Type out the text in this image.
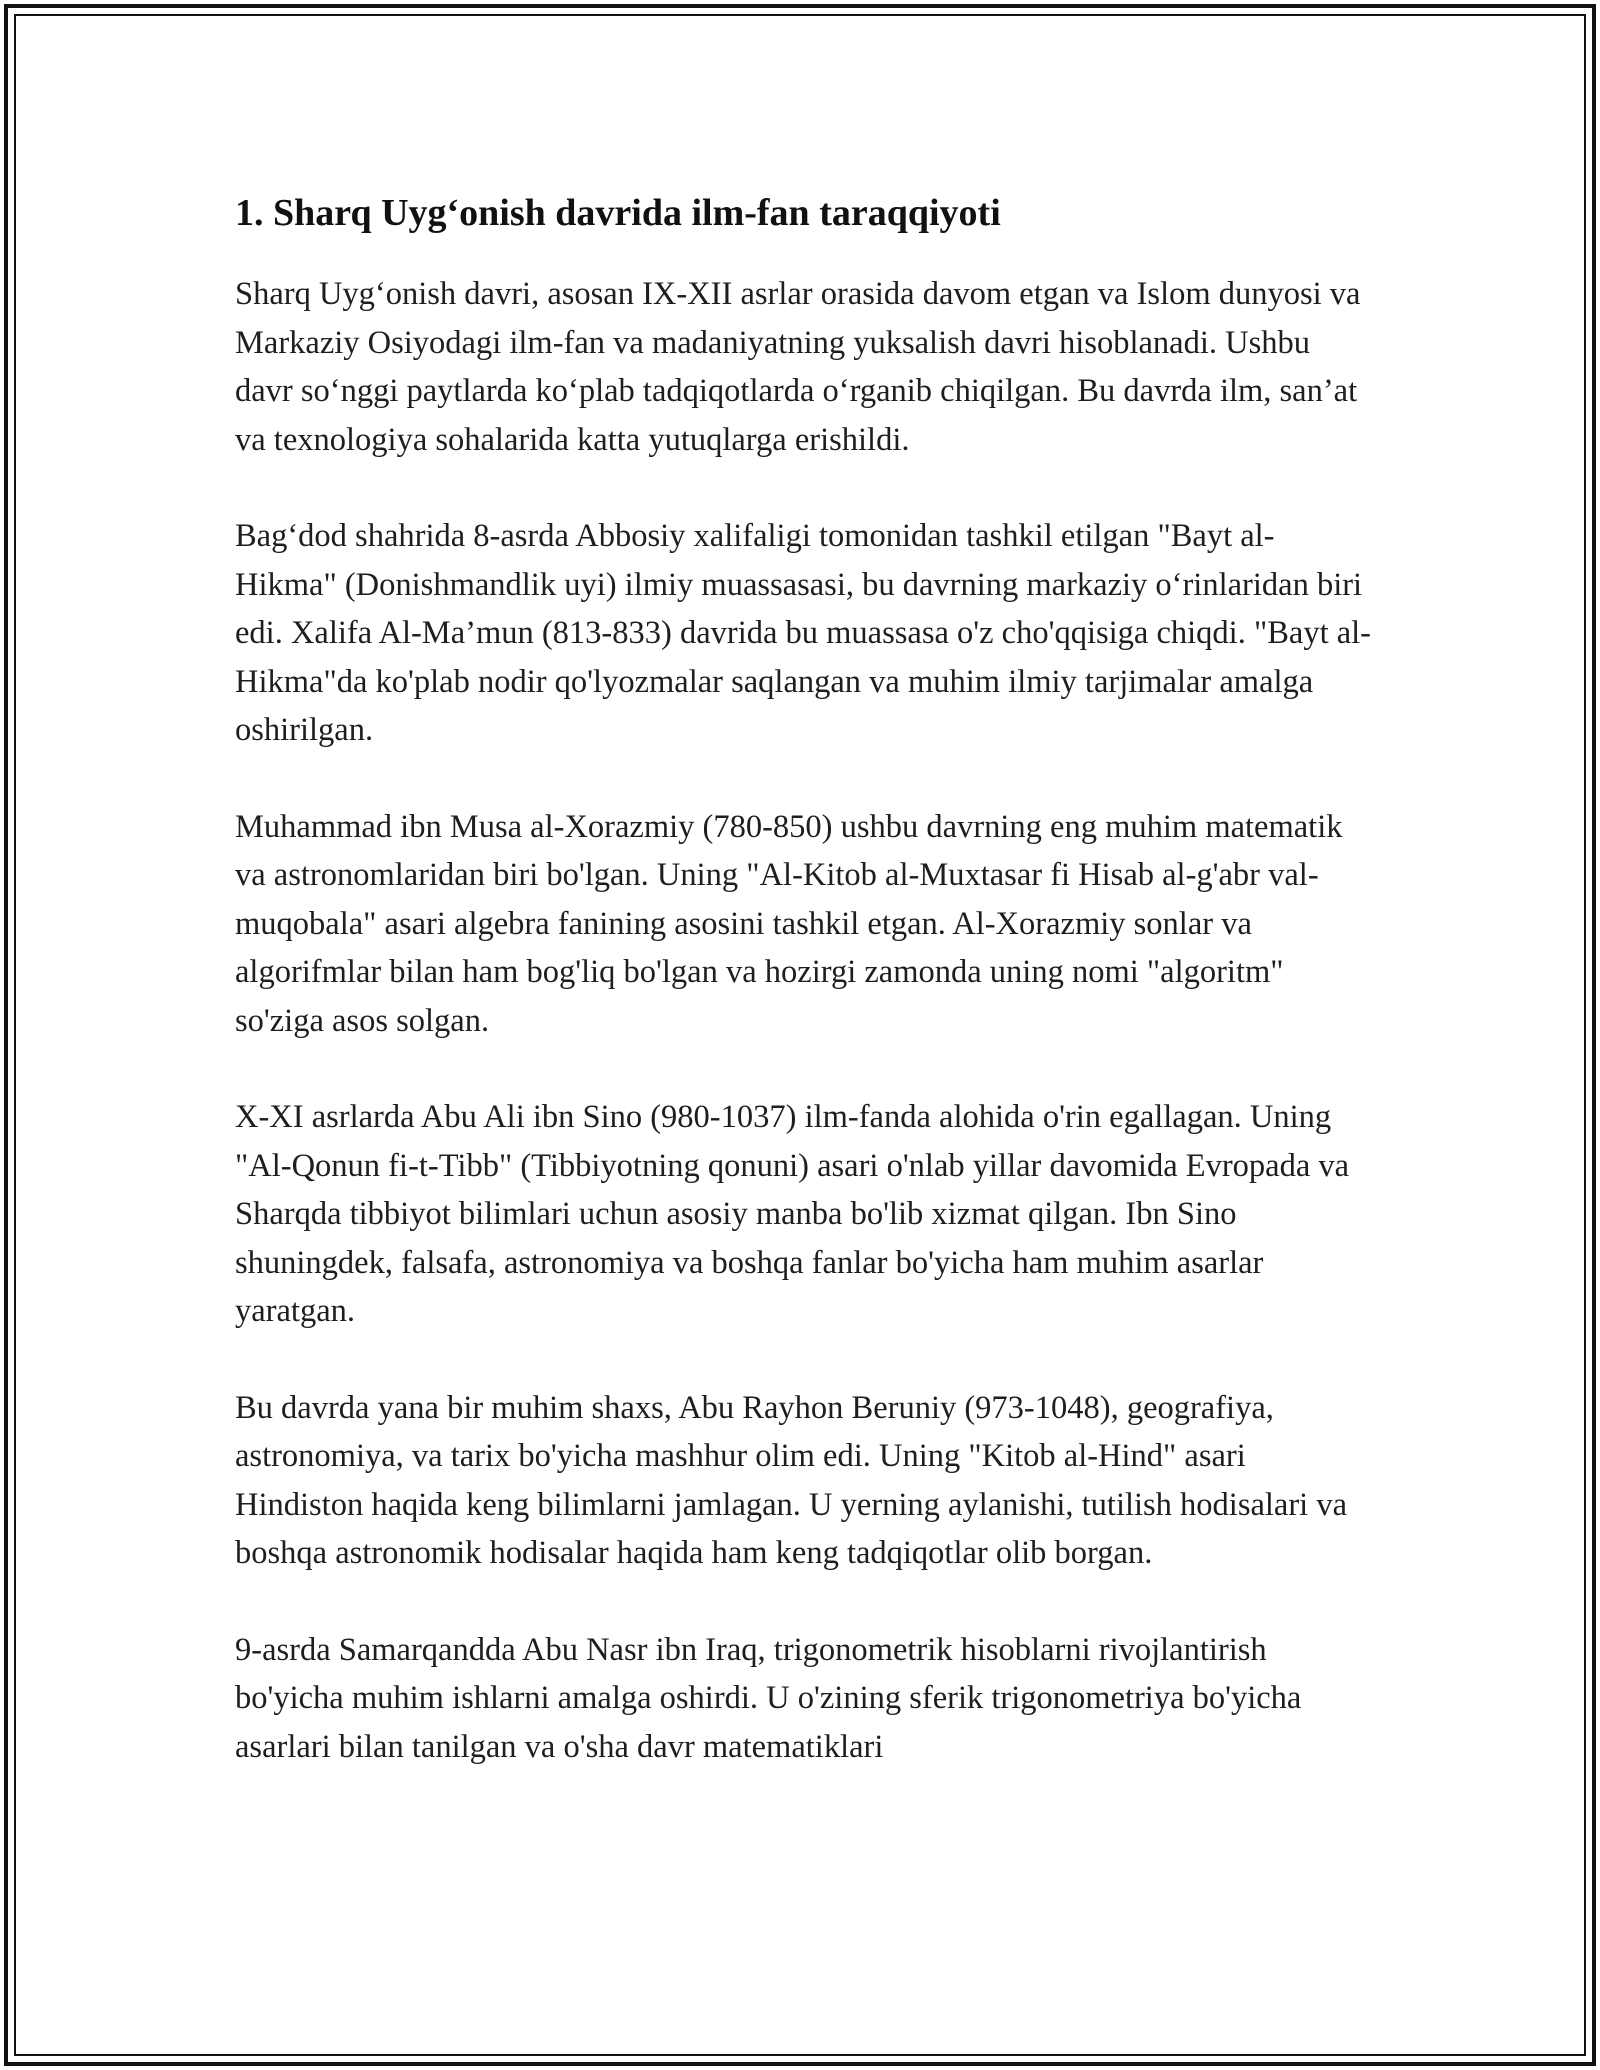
1. Sharq Uyg‘onish davrida ilm-fan taraqqiyoti

Sharq Uyg‘onish davri, asosan IX-XII asrlar orasida davom etgan va Islom dunyosi va Markaziy Osiyodagi ilm-fan va madaniyatning yuksalish davri hisoblanadi. Ushbu davr so‘nggi paytlarda ko‘plab tadqiqotlarda o‘rganib chiqilgan. Bu davrda ilm, san’at va texnologiya sohalarida katta yutuqlarga erishildi.

Bag‘dod shahrida 8-asrda Abbosiy xalifaligi tomonidan tashkil etilgan "Bayt al-Hikma" (Donishmandlik uyi) ilmiy muassasasi, bu davrning markaziy o‘rinlaridan biri edi. Xalifa Al-Ma’mun (813-833) davrida bu muassasa o'z cho'qqisiga chiqdi. "Bayt al-Hikma"da ko'plab nodir qo'lyozmalar saqlangan va muhim ilmiy tarjimalar amalga oshirilgan.

Muhammad ibn Musa al-Xorazmiy (780-850) ushbu davrning eng muhim matematik va astronomlaridan biri bo'lgan. Uning "Al-Kitob al-Muxtasar fi Hisab al-g'abr val-muqobala" asari algebra fanining asosini tashkil etgan. Al-Xorazmiy sonlar va algorifmlar bilan ham bog'liq bo'lgan va hozirgi zamonda uning nomi "algoritm" so'ziga asos solgan.

X-XI asrlarda Abu Ali ibn Sino (980-1037) ilm-fanda alohida o'rin egallagan. Uning "Al-Qonun fi-t-Tibb" (Tibbiyotning qonuni) asari o'nlab yillar davomida Evropada va Sharqda tibbiyot bilimlari uchun asosiy manba bo'lib xizmat qilgan. Ibn Sino shuningdek, falsafa, astronomiya va boshqa fanlar bo'yicha ham muhim asarlar yaratgan.

Bu davrda yana bir muhim shaxs, Abu Rayhon Beruniy (973-1048), geografiya, astronomiya, va tarix bo'yicha mashhur olim edi. Uning "Kitob al-Hind" asari Hindiston haqida keng bilimlarni jamlagan. U yerning aylanishi, tutilish hodisalari va boshqa astronomik hodisalar haqida ham keng tadqiqotlar olib borgan.

9-asrda Samarqandda Abu Nasr ibn Iraq, trigonometrik hisoblarni rivojlantirish bo'yicha muhim ishlarni amalga oshirdi. U o'zining sferik trigonometriya bo'yicha asarlari bilan tanilgan va o'sha davr matematiklari
